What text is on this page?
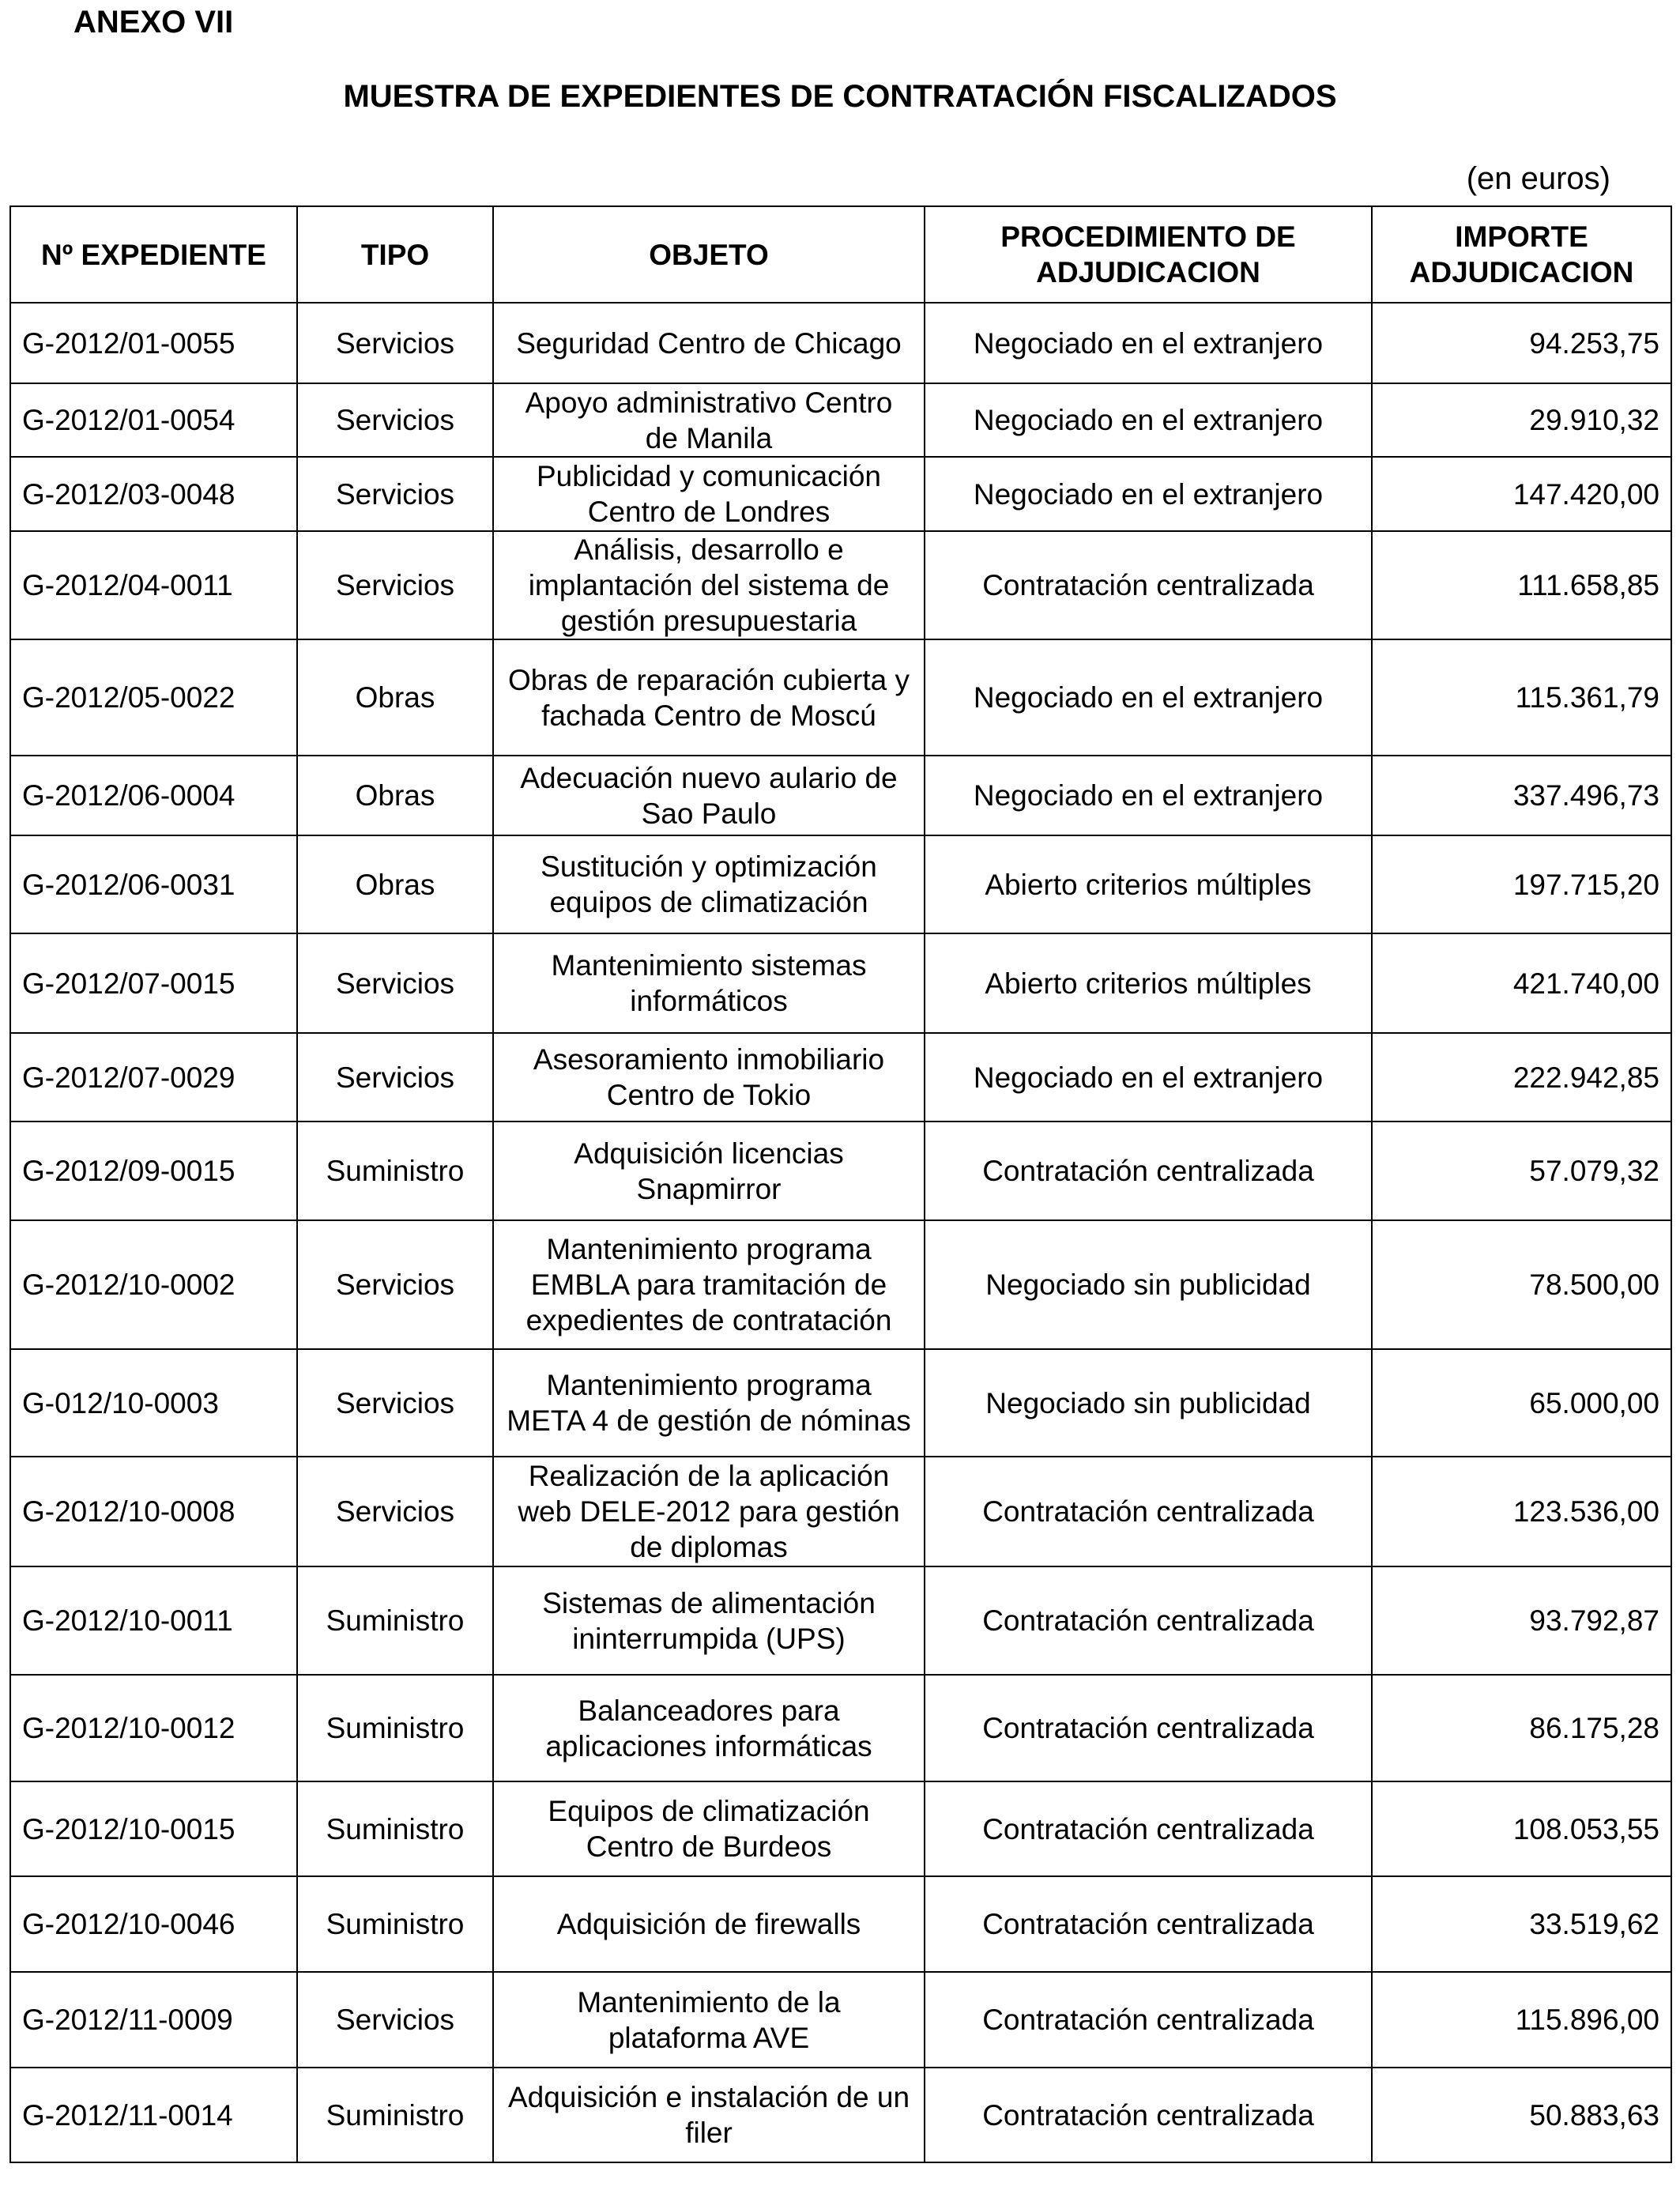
ANEXO VII
MUESTRA DE EXPEDIENTES DE CONTRATACIÓN FISCALIZADOS
(en euros)
Nº EXPEDIENTE	TIPO	OBJETO	PROCEDIMIENTO DE ADJUDICACION	IMPORTE ADJUDICACION
G-2012/01-0055	Servicios	Seguridad Centro de Chicago	Negociado en el extranjero	94.253,75
G-2012/01-0054	Servicios	Apoyo administrativo Centro de Manila	Negociado en el extranjero	29.910,32
G-2012/03-0048	Servicios	Publicidad y comunicación Centro de Londres	Negociado en el extranjero	147.420,00
G-2012/04-0011	Servicios	Análisis, desarrollo e implantación del sistema de gestión presupuestaria	Contratación centralizada	111.658,85
G-2012/05-0022	Obras	Obras de reparación cubierta y fachada Centro de Moscú	Negociado en el extranjero	115.361,79
G-2012/06-0004	Obras	Adecuación nuevo aulario de Sao Paulo	Negociado en el extranjero	337.496,73
G-2012/06-0031	Obras	Sustitución y optimización equipos de climatización	Abierto criterios múltiples	197.715,20
G-2012/07-0015	Servicios	Mantenimiento sistemas informáticos	Abierto criterios múltiples	421.740,00
G-2012/07-0029	Servicios	Asesoramiento inmobiliario Centro de Tokio	Negociado en el extranjero	222.942,85
G-2012/09-0015	Suministro	Adquisición licencias Snapmirror	Contratación centralizada	57.079,32
G-2012/10-0002	Servicios	Mantenimiento programa EMBLA para tramitación de expedientes de contratación	Negociado sin publicidad	78.500,00
G-012/10-0003	Servicios	Mantenimiento programa META 4 de gestión de nóminas	Negociado sin publicidad	65.000,00
G-2012/10-0008	Servicios	Realización de la aplicación web DELE-2012 para gestión de diplomas	Contratación centralizada	123.536,00
G-2012/10-0011	Suministro	Sistemas de alimentación ininterrumpida (UPS)	Contratación centralizada	93.792,87
G-2012/10-0012	Suministro	Balanceadores para aplicaciones informáticas	Contratación centralizada	86.175,28
G-2012/10-0015	Suministro	Equipos de climatización Centro de Burdeos	Contratación centralizada	108.053,55
G-2012/10-0046	Suministro	Adquisición de firewalls	Contratación centralizada	33.519,62
G-2012/11-0009	Servicios	Mantenimiento de la plataforma AVE	Contratación centralizada	115.896,00
G-2012/11-0014	Suministro	Adquisición e instalación de un filer	Contratación centralizada	50.883,63
